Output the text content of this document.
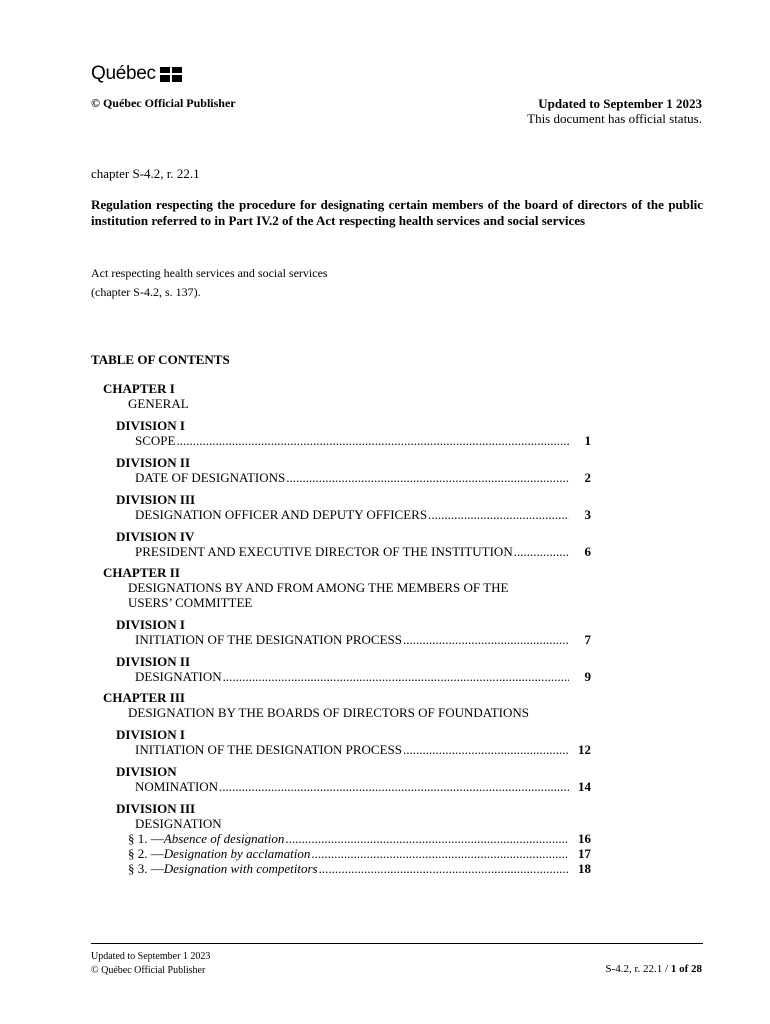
Québec
© Québec Official Publisher	Updated to September 1 2023
This document has official status.
chapter S-4.2, r. 22.1
Regulation respecting the procedure for designating certain members of the board of directors of the public institution referred to in Part IV.2 of the Act respecting health services and social services
Act respecting health services and social services
(chapter S-4.2, s. 137).
TABLE OF CONTENTS
CHAPTER I
GENERAL
DIVISION I
SCOPE .....	1
DIVISION II
DATE OF DESIGNATIONS .....	2
DIVISION III
DESIGNATION OFFICER AND DEPUTY OFFICERS .....	3
DIVISION IV
PRESIDENT AND EXECUTIVE DIRECTOR OF THE INSTITUTION .....	6
CHAPTER II
DESIGNATIONS BY AND FROM AMONG THE MEMBERS OF THE
USERS’ COMMITTEE
DIVISION I
INITIATION OF THE DESIGNATION PROCESS .....	7
DIVISION II
DESIGNATION .....	9
CHAPTER III
DESIGNATION BY THE BOARDS OF DIRECTORS OF FOUNDATIONS
DIVISION I
INITIATION OF THE DESIGNATION PROCESS .....	12
DIVISION
NOMINATION .....	14
DIVISION III
DESIGNATION
§ 1. — Absence of designation .....	16
§ 2. — Designation by acclamation .....	17
§ 3. — Designation with competitors .....	18
Updated to September 1 2023
© Québec Official Publisher	S-4.2, r. 22.1 / 1 of 28
